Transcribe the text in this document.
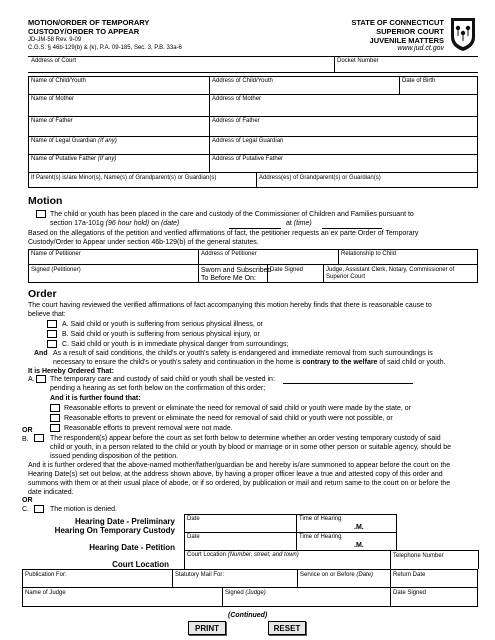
MOTION/ORDER OF TEMPORARY
CUSTODY/ORDER TO APPEAR
JD-JM-58 Rev. 9-09
C.G.S. § 46b-129(b) & (k), P.A. 09-185, Sec. 3, P.B. 33a-6
STATE OF CONNECTICUT
SUPERIOR COURT
JUVENILE MATTERS
www.jud.ct.gov
Address of Court	Docket Number
Name of Child/Youth	Address of Child/Youth	Date of Birth
Name of Mother	Address of Mother
Name of Father	Address of Father
Name of Legal Guardian (If any)	Address of Legal Guardian
Name of Putative Father (If any)	Address of Putative Father
If Parent(s) is/are Minor(s), Name(s) of Grandparent(s) or Guardian(s)	Address(es) of Grandparent(s) or Guardian(s)
Motion
The child or youth has been placed in the care and custody of the Commissioner of Children and Families pursuant to
section 17a-101g (96 hour hold) on (date)	at (time)
Based on the allegations of the petition and verified affirmations of fact, the petitioner requests an ex parte Order of Temporary
Custody/Order to Appear under section 46b-129(b) of the general statutes.
Name of Petitioner	Address of Petitioner	Relationship to Child
Signed (Petitioner)	Sworn and Subscribed
To Before Me On:
Date Signed	Judge, Assistant Clerk, Notary, Commissioner of Superior Court
Order
The court having reviewed the verified affirmations of fact accompanying this motion hereby finds that there is reasonable cause to
believe that:
A. Said child or youth is suffering from serious physical illness, or
B. Said child or youth is suffering from serious physical injury, or
C. Said child or youth is in immediate physical danger from surroundings;
And As a result of said conditions, the child's or youth's safety is endangered and immediate removal from such surroundings is
necessary to ensure the child's or youth's safety and continuation in the home is contrary to the welfare of said child or youth.
It is Hereby Ordered That:
A. The temporary care and custody of said child or youth shall be vested in:
pending a hearing as set forth below on the confirmation of this order;
And it is further found that:
Reasonable efforts to prevent or eliminate the need for removal of said child or youth were made by the state, or
Reasonable efforts to prevent or eliminate the need for removal of said child or youth were not possible, or
Reasonable efforts to prevent removal were not made.
OR
B.	The respondent(s) appear before the court as set forth below to determine whether an order vesting temporary custody of said
child or youth, in a person related to the child or youth by blood or marriage or in some other person or suitable agency, should be
issued pending disposition of the petition.
And it is further ordered that the above-named mother/father/guardian be and hereby is/are summoned to appear before the court on the
Hearing Date(s) set out below, at the address shown above, by having a proper officer leave a true and attested copy of this order and
summons with them or at their usual place of abode, or if so ordered, by publication or mail and return same to the court on or before the
date indicated.
OR
C.	The motion is denied.
Hearing Date - Preliminary
Hearing On Temporary Custody
Hearing Date - Petition
Court Location
Date	Time of Hearing
.M.
Date	Time of Hearing
.M.
Court Location (Number, street, and town)	Telephone Number
Publication For:	Statutory Mail For:	Service on or Before (Date)	Return Date
Name of Judge	Signed (Judge)	Date Signed
(Continued)
PRINT	RESET
